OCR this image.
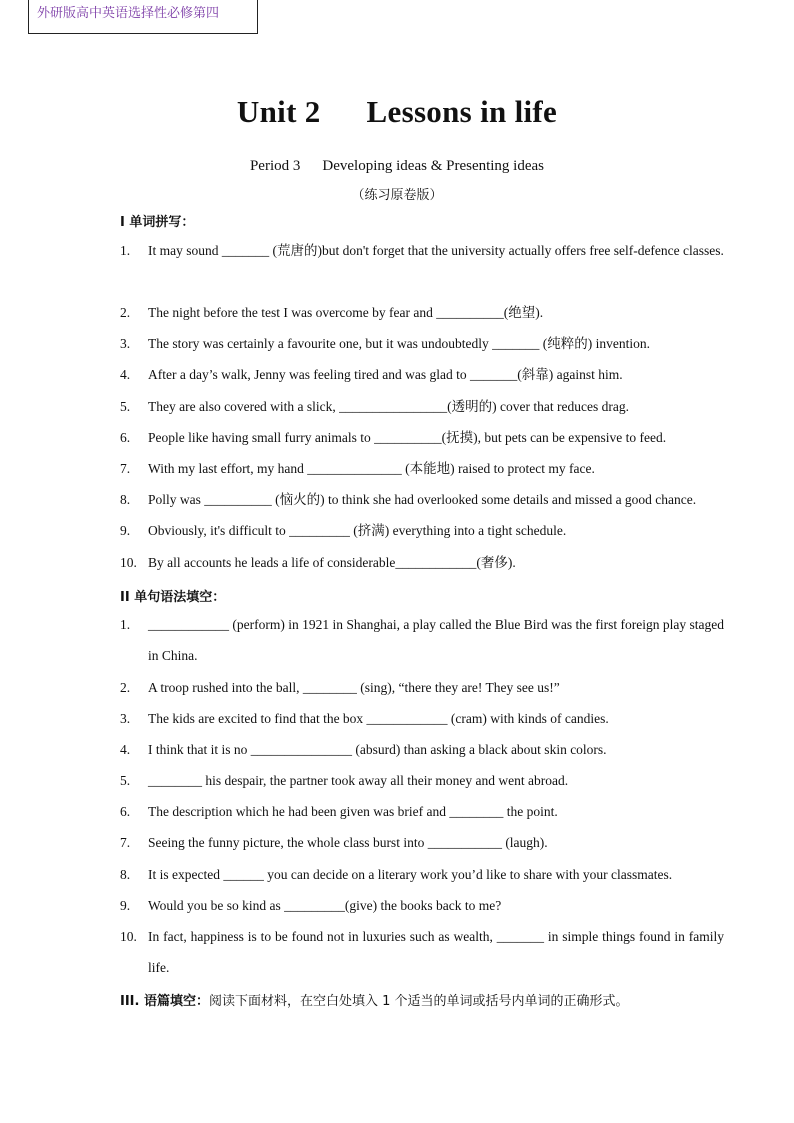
外研版高中英语选择性必修第四
Unit 2 Lessons in life
Period 3 Developing ideas & Presenting ideas
（练习原卷版）
I 单词拼写：
1. It may sound _______ (荒唐的)but don't forget that the university actually offers free self-defence classes.
2. The night before the test I was overcome by fear and __________(绝望).
3. The story was certainly a favourite one, but it was undoubtedly _______ (纯粹的) invention.
4. After a day’s walk, Jenny was feeling tired and was glad to _______(斜靠) against him.
5. They are also covered with a slick, ________________(透明的) cover that reduces drag.
6. People like having small furry animals to __________(抚摸), but pets can be expensive to feed.
7. With my last effort, my hand ______________ (本能地) raised to protect my face.
8. Polly was __________ (恼火的) to think she had overlooked some details and missed a good chance.
9. Obviously, it's difficult to _________ (挤满) everything into a tight schedule.
10. By all accounts he leads a life of considerable____________(奢侈).
II 单句语法填空：
1. ____________ (perform) in 1921 in Shanghai, a play called the Blue Bird was the first foreign play staged in China.
2. A troop rushed into the ball, ________ (sing), “there they are! They see us!”
3. The kids are excited to find that the box ____________ (cram) with kinds of candies.
4. I think that it is no _______________ (absurd) than asking a black about skin colors.
5. ________ his despair, the partner took away all their money and went abroad.
6. The description which he had been given was brief and ________ the point.
7. Seeing the funny picture, the whole class burst into ___________ (laugh).
8. It is expected ______ you can decide on a literary work you’d like to share with your classmates.
9. Would you be so kind as _________(give) the books back to me?
10. In fact, happiness is to be found not in luxuries such as wealth, _______ in simple things found in family life.
III. 语篇填空：阅读下面材料，在空白处填入 1 个适当的单词或括号内单词的正确形式。
